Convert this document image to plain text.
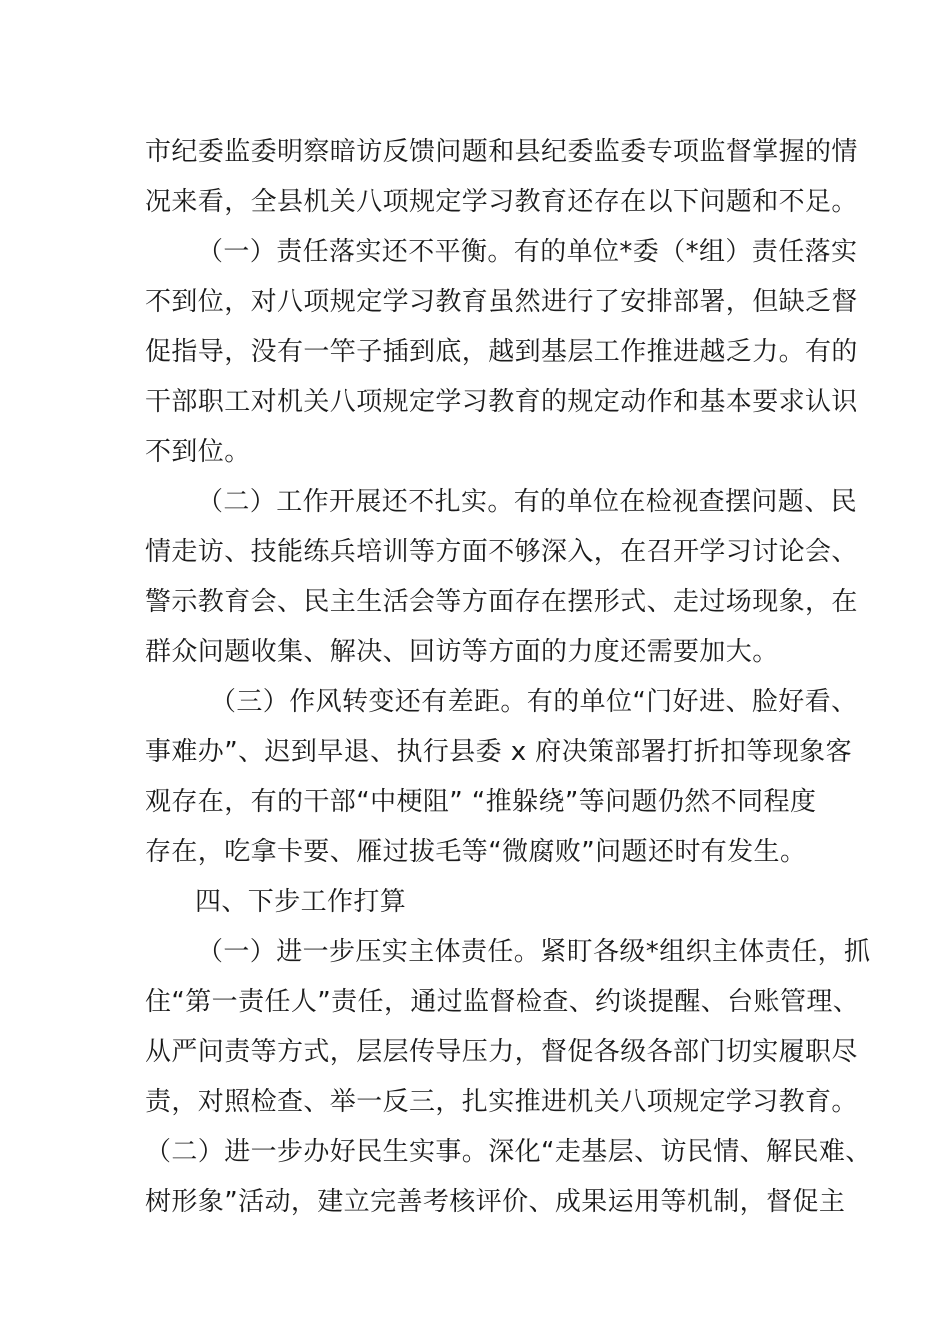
市纪委监委明察暗访反馈问题和县纪委监委专项监督掌握的情
况来看，全县机关八项规定学习教育还存在以下问题和不足。
（一）责任落实还不平衡。有的单位*委（*组）责任落实
不到位，对八项规定学习教育虽然进行了安排部署，但缺乏督
促指导，没有一竿子插到底，越到基层工作推进越乏力。有的
干部职工对机关八项规定学习教育的规定动作和基本要求认识
不到位。
（二）工作开展还不扎实。有的单位在检视查摆问题、民
情走访、技能练兵培训等方面不够深入，在召开学习讨论会、
警示教育会、民主生活会等方面存在摆形式、走过场现象，在
群众问题收集、解决、回访等方面的力度还需要加大。
（三）作风转变还有差距。有的单位“门好进、脸好看、
事难办”、迟到早退、执行县委 x 府决策部署打折扣等现象客
观存在，有的干部“中梗阻” “推躲绕”等问题仍然不同程度
存在，吃拿卡要、雁过拔毛等“微腐败”问题还时有发生。
四、下步工作打算
（一）进一步压实主体责任。紧盯各级*组织主体责任，抓
住“第一责任人”责任，通过监督检查、约谈提醒、台账管理、
从严问责等方式，层层传导压力，督促各级各部门切实履职尽
责，对照检查、举一反三，扎实推进机关八项规定学习教育。
（二）进一步办好民生实事。深化“走基层、访民情、解民难、
树形象”活动，建立完善考核评价、成果运用等机制，督促主
